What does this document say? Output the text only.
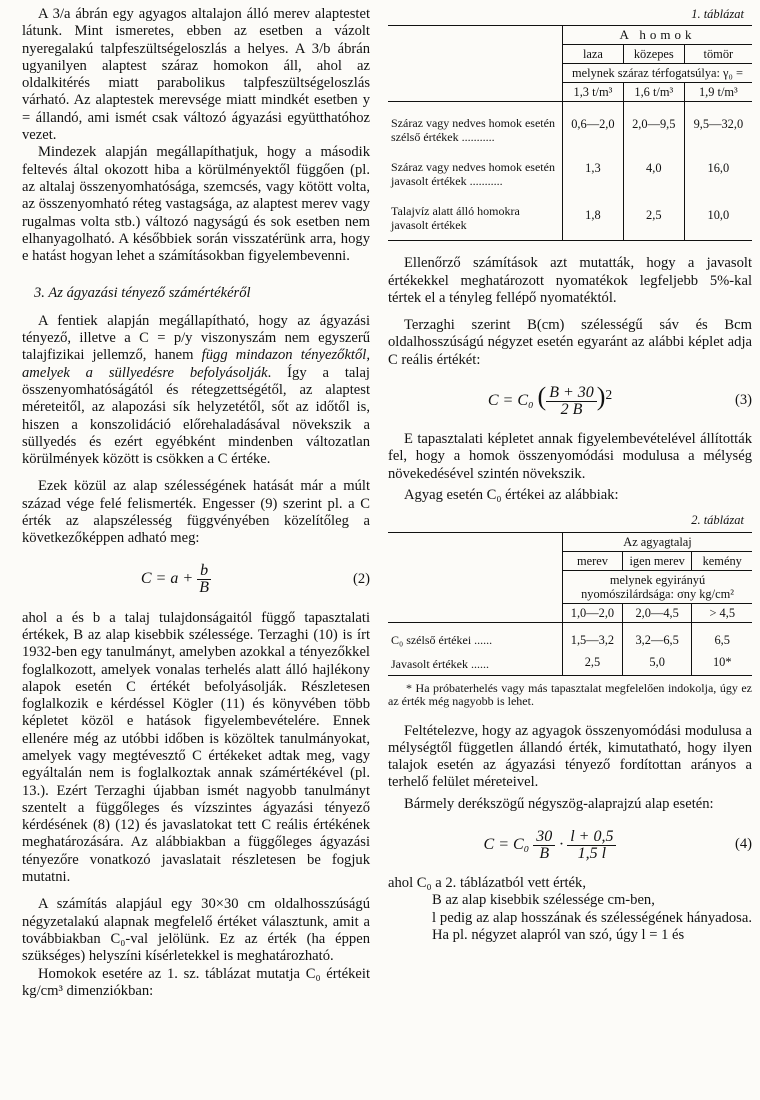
A 3/a ábrán egy agyagos altalajon álló merev alaptestet látunk. Mint ismeretes, ebben az esetben a vázolt nyeregalakú talpfeszültségeloszlás a helyes. A 3/b ábrán ugyanilyen alaptest száraz homokon áll, ahol az oldalkitérés miatt parabolikus talpfeszültségeloszlás várható. Az alaptestek merevsége miatt mindkét esetben y = állandó, ami ismét csak változó ágyazási együtthatóhoz vezet.

Mindezek alapján megállapíthatjuk, hogy a második feltevés által okozott hiba a körülményektől függően (pl. az altalaj összenyomhatósága, szemcsés, vagy kötött volta, az összenyomható réteg vastagsága, az alaptest merev vagy rugalmas volta stb.) változó nagyságú és sok esetben nem elhanyagolható. A későbbiek során visszatérünk arra, hogy e hatást hogyan lehet a számításokban figyelembevenni.

3. Az ágyazási tényező számértékéről

A fentiek alapján megállapítható, hogy az ágyazási tényező, illetve a C = p/y viszonyszám nem egyszerű talajfizikai jellemző, hanem függ mindazon tényezőktől, amelyek a süllyedésre befolyásolják. Így a talaj összenyomhatóságától és rétegzettségétől, az alaptest méreteitől, az alapozási sík helyzetétől, sőt az időtől is, hiszen a konszolidáció előrehaladásával növekszik a süllyedés és ezért egyébként mindenben változatlan körülmények között is csökken a C értéke.

Ezek közül az alap szélességének hatását már a múlt század vége felé felismerték. Engesser (9) szerint pl. a C érték az alapszélesség függvényében közelítőleg a következőképpen adható meg:

$C = a + \frac{b}{B}$	(2)

ahol a és b a talaj tulajdonságaitól függő tapasztalati értékek, B az alap kisebbik szélessége. Terzaghi (10) is írt 1932-ben egy tanulmányt, amelyben azokkal a tényezőkkel foglalkozott, amelyek vonalas terhelés alatt álló hajlékony alapok esetén C értékét befolyásolják. Részletesen foglalkozik e kérdéssel Kögler (11) és könyvében több képletet közöl e hatások figyelembevételére. Ennek ellenére még az utóbbi időben is közöltek tanulmányokat, amelyek vagy megtévesztő C értékeket adtak meg, vagy egyáltalán nem is foglalkoztak annak számértékével (pl. 13.). Ezért Terzaghi újabban ismét nagyobb tanulmányt szentelt a függőleges és vízszintes ágyazási tényező kérdésének (8) (12) és javaslatokat tett C reális értékének meghatározására. Az alábbiakban a függőleges ágyazási tényezőre vonatkozó javaslatait részletesen be fogjuk mutatni.

A számítás alapjául egy 30×30 cm oldalhosszúságú négyzetalakú alapnak megfelelő értéket választunk, amit a továbbiakban C₀-val jelölünk. Ez az érték (ha éppen szükséges) helyszíni kísérletekkel is meghatározható.

Homokok esetére az 1. sz. táblázat mutatja C₀ értékeit kg/cm³ dimenziókban:

1. táblázat
	A homok		
	laza	közepes	tömör
	melynek száraz térfogatsúlya: γ₀ =		
	1,3 t/m³	1,6 t/m³	1,9 t/m³
Száraz vagy nedves homok esetén szélső értékek ...........	0,6—2,0	2,0—9,5	9,5—32,0
Száraz vagy nedves homok esetén javasolt értékek ...........	1,3	4,0	16,0
Talajvíz alatt álló homokra javasolt értékek	1,8	2,5	10,0

Ellenőrző számítások azt mutatták, hogy a javasolt értékekkel meghatározott nyomatékok legfeljebb 5%-kal tértek el a tényleg fellépő nyomatéktól.

Terzaghi szerint B(cm) szélességű sáv és Bcm oldalhosszúságú négyzet esetén egyaránt az alábbi képlet adja C reális értékét:

C = C₀ ( $\frac{B + 30}{2 B} )^2$	(3)

E tapasztalati képletet annak figyelembevételével állították fel, hogy a homok összenyomódási modulusa a mélység növekedésével szintén növekszik.

Agyag esetén C₀ értékei az alábbiak:

2. táblázat
	Az agyagtalaj		
	merev	igen merev	kemény
	melynek egyirányú nyomószilárdsága: σny kg/cm²		
	1,0—2,0	2,0—4,5	> 4,5
C₀ szélső értékei ......	1,5—3,2	3,2—6,5	6,5
Javasolt értékek ......	2,5	5,0	10*

* Ha próbaterhelés vagy más tapasztalat megfelelően indokolja, úgy ez az érték még nagyobb is lehet.

Feltételezve, hogy az agyagok összenyomódási modulusa a mélységtől független állandó érték, kimutatható, hogy ilyen talajok esetén az ágyazási tényező fordítottan arányos a terhelő felület méreteivel.

Bármely derékszögű négyszög-alaprajzú alap esetén:

$C = C_0 \frac{30}{B} \cdot \frac{l + 0,5}{1,5 l}$	(4)

ahol C₀ a 2. táblázatból vett érték,

B az alap kisebbik szélessége cm-ben,

l pedig az alap hosszának és szélességének hányadosa. Ha pl. négyzet alapról van szó, úgy l = 1 és
